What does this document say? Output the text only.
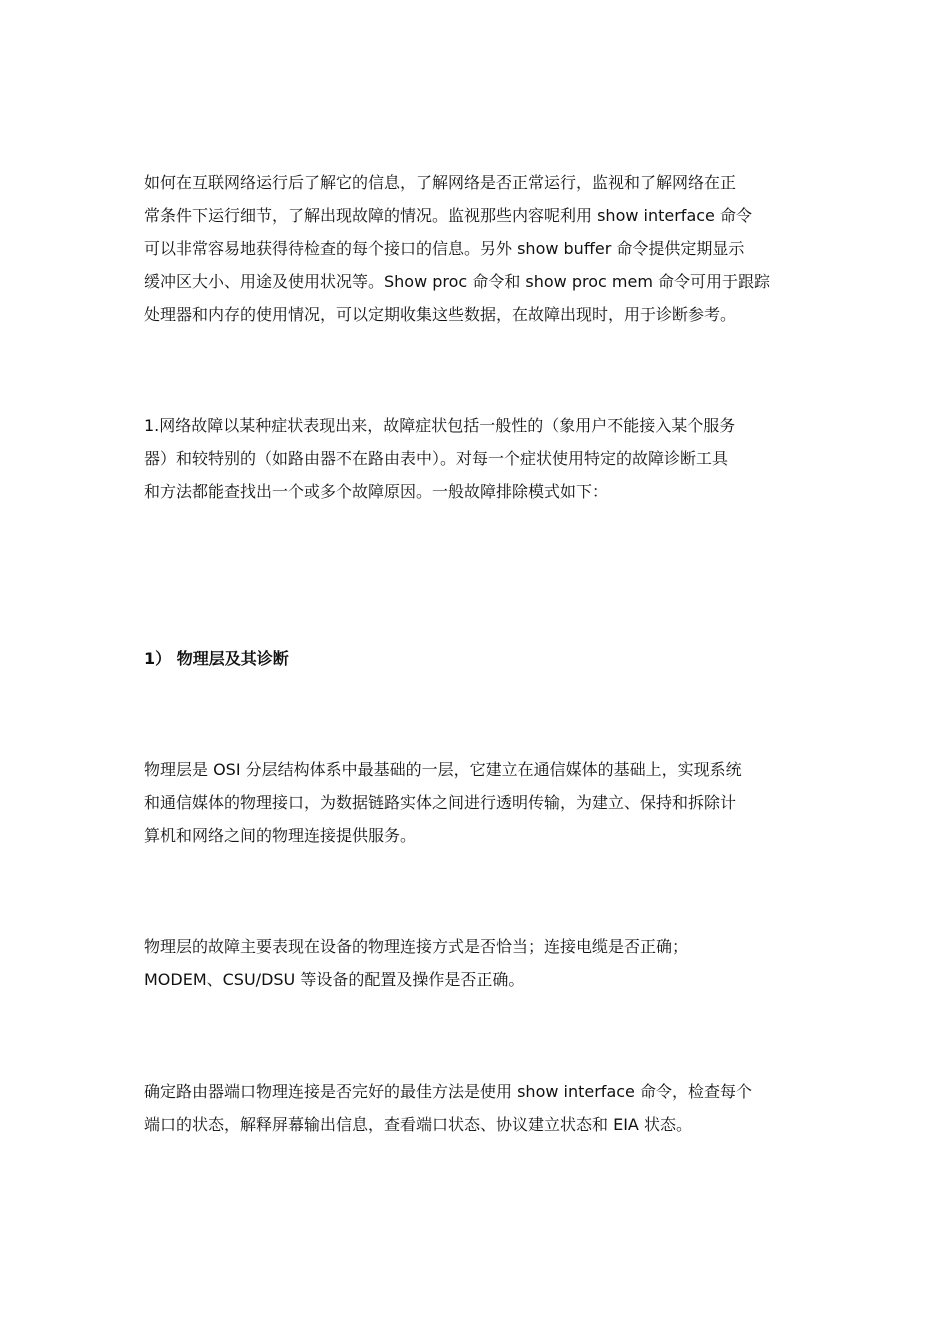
如何在互联网络运行后了解它的信息，了解网络是否正常运行，监视和了解网络在正
常条件下运行细节，了解出现故障的情况。监视那些内容呢利用 show interface 命令
可以非常容易地获得待检查的每个接口的信息。另外 show buffer 命令提供定期显示
缓冲区大小、用途及使用状况等。Show proc 命令和 show proc mem 命令可用于跟踪
处理器和内存的使用情况，可以定期收集这些数据，在故障出现时，用于诊断参考。
1.网络故障以某种症状表现出来，故障症状包括一般性的（象用户不能接入某个服务
器）和较特别的（如路由器不在路由表中）。对每一个症状使用特定的故障诊断工具
和方法都能查找出一个或多个故障原因。一般故障排除模式如下：
1） 物理层及其诊断
物理层是 OSI 分层结构体系中最基础的一层，它建立在通信媒体的基础上，实现系统
和通信媒体的物理接口，为数据链路实体之间进行透明传输，为建立、保持和拆除计
算机和网络之间的物理连接提供服务。
物理层的故障主要表现在设备的物理连接方式是否恰当；连接电缆是否正确；
MODEM、CSU/DSU 等设备的配置及操作是否正确。
确定路由器端口物理连接是否完好的最佳方法是使用 show interface 命令，检查每个
端口的状态，解释屏幕输出信息，查看端口状态、协议建立状态和 EIA 状态。
